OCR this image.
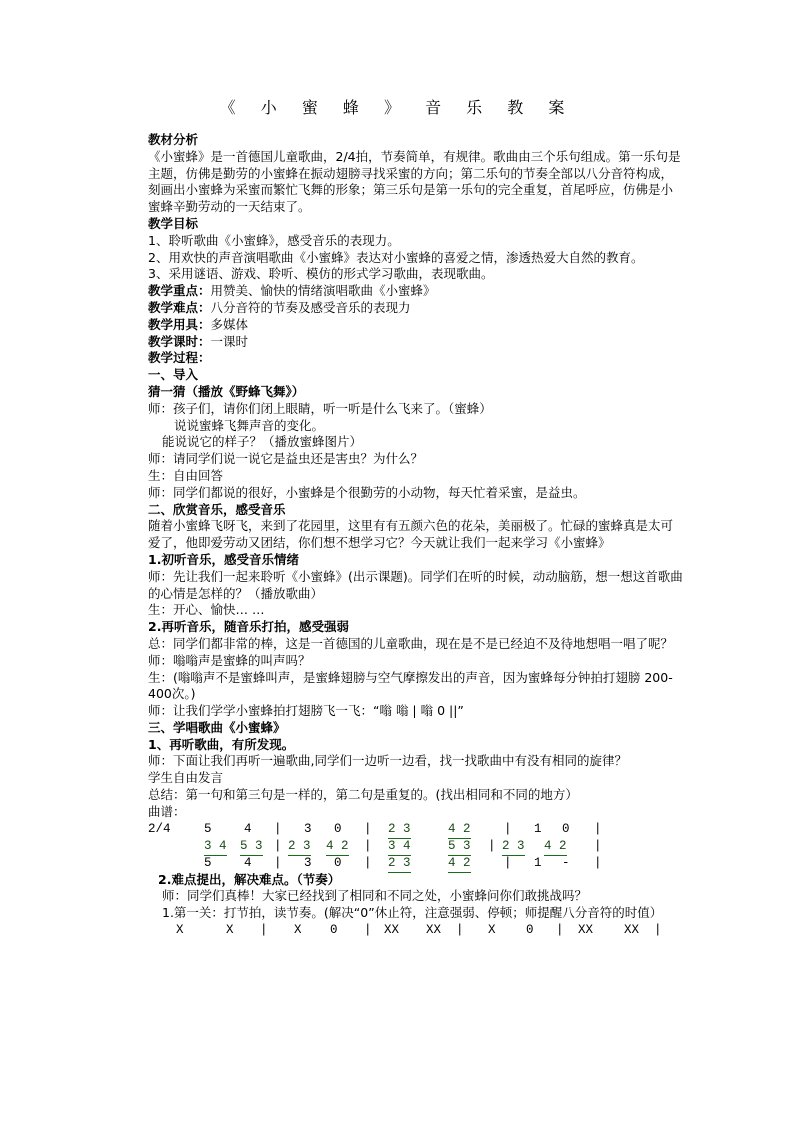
《 小 蜜 蜂 》 音 乐 教 案

教材分析

《小蜜蜂》是一首德国儿童歌曲，2/4拍，节奏简单，有规律。歌曲由三个乐句组成。第一乐句是主题，仿佛是勤劳的小蜜蜂在振动翅膀寻找采蜜的方向；第二乐句的节奏全部以八分音符构成，刻画出小蜜蜂为采蜜而繁忙飞舞的形象；第三乐句是第一乐句的完全重复，首尾呼应，仿佛是小蜜蜂辛勤劳动的一天结束了。

教学目标

1、聆听歌曲《小蜜蜂》，感受音乐的表现力。

2、用欢快的声音演唱歌曲《小蜜蜂》表达对小蜜蜂的喜爱之情，渗透热爱大自然的教育。

3、采用谜语、游戏、聆听、模仿的形式学习歌曲，表现歌曲。

教学重点：用赞美、愉快的情绪演唱歌曲《小蜜蜂》

教学难点：八分音符的节奏及感受音乐的表现力

教学用具：多媒体

教学课时：一课时

教学过程：

一、导入

猜一猜（播放《野蜂飞舞》）

师：孩子们，请你们闭上眼睛，听一听是什么飞来了。（蜜蜂）

说说蜜蜂飞舞声音的变化。

能说说它的样子？（播放蜜蜂图片）

师：请同学们说一说它是益虫还是害虫？为什么？

生：自由回答

师：同学们都说的很好，小蜜蜂是个很勤劳的小动物，每天忙着采蜜，是益虫。

二、欣赏音乐，感受音乐

随着小蜜蜂飞呀飞，来到了花园里，这里有有五颜六色的花朵，美丽极了。忙碌的蜜蜂真是太可爱了，他即爱劳动又团结，你们想不想学习它？今天就让我们一起来学习《小蜜蜂》

1.初听音乐，感受音乐情绪

师：先让我们一起来聆听《小蜜蜂》(出示课题)。同学们在听的时候，动动脑筋，想一想这首歌曲的心情是怎样的？（播放歌曲）

生：开心、愉快… …

2.再听音乐，随音乐打拍，感受强弱

总：同学们都非常的棒，这是一首德国的儿童歌曲，现在是不是已经迫不及待地想唱一唱了呢？

师：嗡嗡声是蜜蜂的叫声吗？

生：(嗡嗡声不是蜜蜂叫声，是蜜蜂翅膀与空气摩擦发出的声音，因为蜜蜂每分钟拍打翅膀 200-400次。)

师：让我们学学小蜜蜂拍打翅膀飞一飞：“嗡 嗡 | 嗡 0 ||”

三、学唱歌曲《小蜜蜂》

1、再听歌曲，有所发现。

师：下面让我们再听一遍歌曲,同学们一边听一边看，找一找歌曲中有没有相同的旋律？

学生自由发言

总结：第一句和第三句是一样的，第二句是重复的。(找出相同和不同的地方）

曲谱：

2/4	5	4 | 3 0 | 2 3	4 2	| 1 0 |
3 4 5 3 | 2 3 4 2 | 3 4	5 3 | 2 3 4 2 |
5	4 | 3 0 | 2 3	4 2	| 1 - |

2.难点提出，解决难点。（节奏）

师：同学们真棒！大家已经找到了相同和不同之处，小蜜蜂问你们敢挑战吗？

1.第一关：打节拍，读节奏。(解决“0”休止符，注意强弱、停顿；师提醒八分音符的时值）

X	X | X 0 | XX XX | X 0 | XX XX |
